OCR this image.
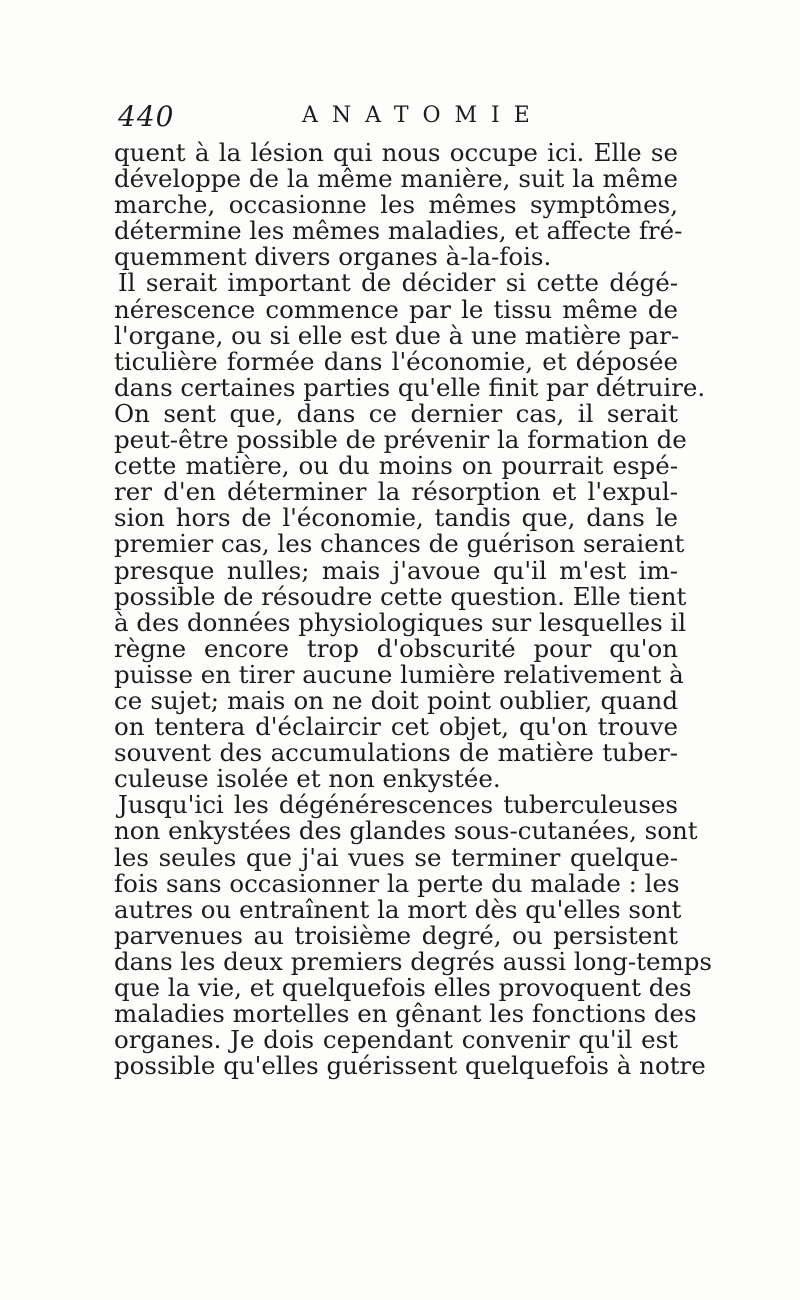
440	ANATOMIE
quent à la lésion qui nous occupe ici. Elle se
développe de la même manière, suit la même
marche, occasionne les mêmes symptômes,
détermine les mêmes maladies, et affecte fré-
quemment divers organes à-la-fois.
Il serait important de décider si cette dégé-
nérescence commence par le tissu même de
l'organe, ou si elle est due à une matière par-
ticulière formée dans l'économie, et déposée
dans certaines parties qu'elle finit par détruire.
On sent que, dans ce dernier cas, il serait
peut-être possible de prévenir la formation de
cette matière, ou du moins on pourrait espé-
rer d'en déterminer la résorption et l'expul-
sion hors de l'économie, tandis que, dans le
premier cas, les chances de guérison seraient
presque nulles; mais j'avoue qu'il m'est im-
possible de résoudre cette question. Elle tient
à des données physiologiques sur lesquelles il
règne encore trop d'obscurité pour qu'on
puisse en tirer aucune lumière relativement à
ce sujet; mais on ne doit point oublier, quand
on tentera d'éclaircir cet objet, qu'on trouve
souvent des accumulations de matière tuber-
culeuse isolée et non enkystée.
Jusqu'ici les dégénérescences tuberculeuses
non enkystées des glandes sous-cutanées, sont
les seules que j'ai vues se terminer quelque-
fois sans occasionner la perte du malade : les
autres ou entraînent la mort dès qu'elles sont
parvenues au troisième degré, ou persistent
dans les deux premiers degrés aussi long-temps
que la vie, et quelquefois elles provoquent des
maladies mortelles en gênant les fonctions des
organes. Je dois cependant convenir qu'il est
possible qu'elles guérissent quelquefois à notre
